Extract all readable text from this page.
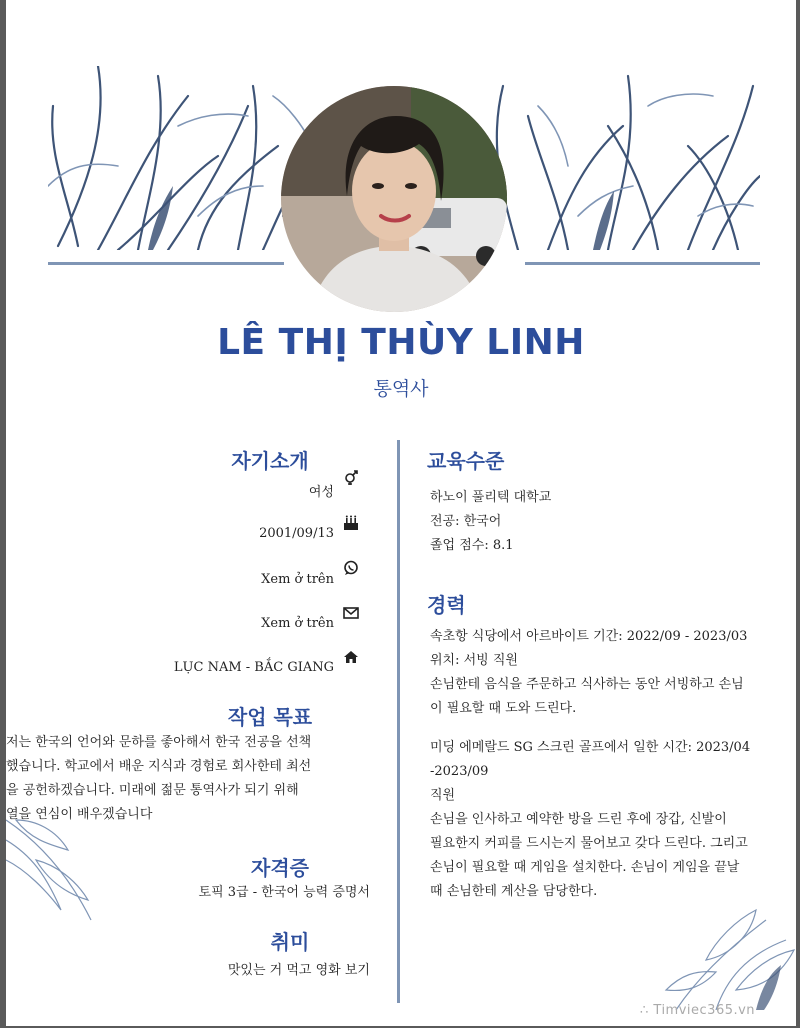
LÊ THỊ THÙY LINH
통역사
자기소개
여성
2001/09/13
Xem ở trên
Xem ở trên
LỤC NAM - BẮC GIANG
작업 목표
저는 한국의 언어와 문하를 좋아해서 한국 전공을 선책
했습니다. 학교에서 배운 지식과 경험로 회사한테 최선
을 공헌하겠습니다. 미래에 젊문 통역사가 되기 위해
열을 연심이 배우겠습니다
자격증
토픽 3급 - 한국어 능력 증명서
취미
맛있는 거 먹고 영화 보기
교육수준
하노이 풀리텍 대학교
전공: 한국어
졸업 점수: 8.1
경력
속초항 식당에서 아르바이트 기간: 2022/09 - 2023/03
위치: 서빙 직원
손님한테 음식을 주문하고 식사하는 동안 서빙하고 손님
이 필요할 때 도와 드린다.
미딩 에메랄드 SG 스크린 골프에서 일한 시간: 2023/04
-2023/09
직원
손님을 인사하고 예약한 방을 드린 후에 장갑, 신발이
필요한지 커피를 드시는지 물어보고 갖다 드린다. 그리고
손님이 필요할 때 게임을 설치한다. 손님이 게임을 끝날
때 손님한테 계산을 담당한다.
∴ Timviec365.vn
